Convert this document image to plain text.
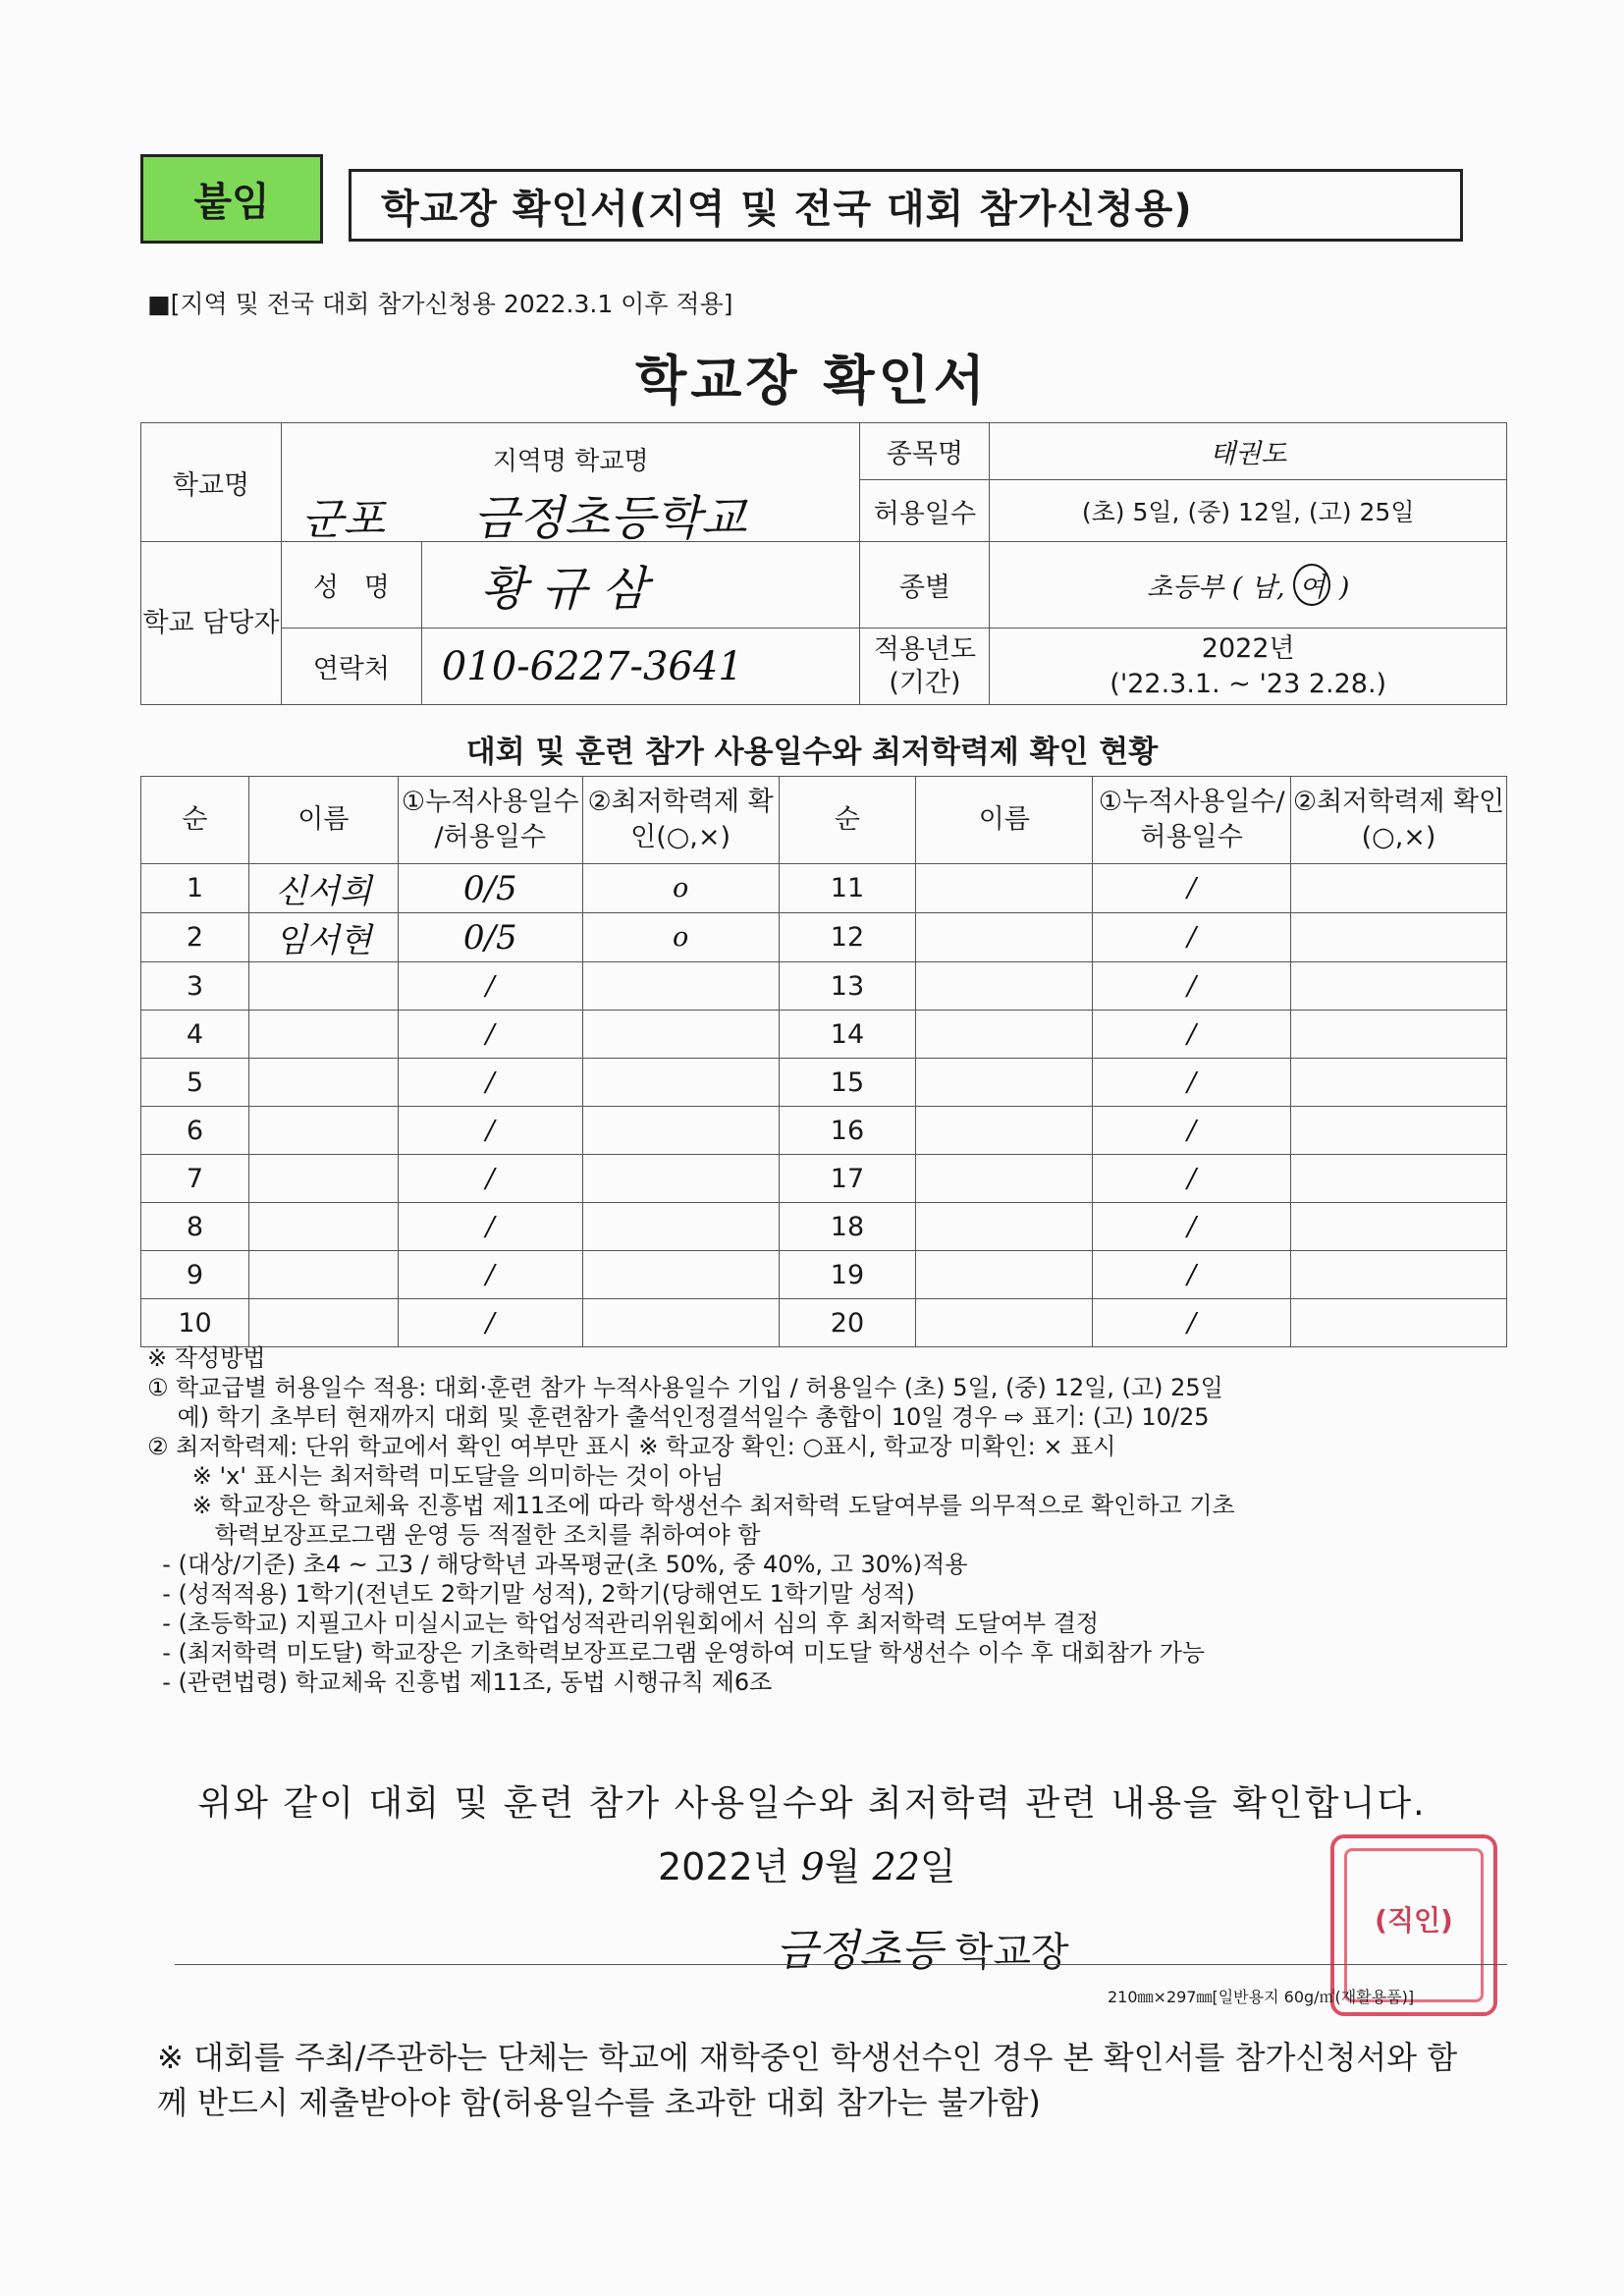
붙임	학교장 확인서(지역 및 전국 대회 참가신청용)
■[지역 및 전국 대회 참가신청용 2022.3.1 이후 적용]
학교장 확인서
학교명	지역명 학교명
군포 금정초등학교		종목명	태권도
			허용일수	(초) 5일, (중) 12일, (고) 25일
학교 담당자	성   명	황 규 삼	종별	초등부 ( 남, 여 )
	연락처	010-6227-3641	적용년도 (기간)	2022년
('22.3.1. ~ '23 2.28.)
대회 및 훈련 참가 사용일수와 최저학력제 확인 현황
순	이름	①누적사용일수 /허용일수	②최저학력제 확인(○,×)	순	이름	①누적사용일수/ 허용일수	②최저학력제 확인(○,×)
1	신서희	0/5	o	11		/	
2	임서현	0/5	o	12		/	
3		/		13		/	
4		/		14		/	
5		/		15		/	
6		/		16		/	
7		/		17		/	
8		/		18		/	
9		/		19		/	
10		/		20		/	
※ 작성방법
① 학교급별 허용일수 적용: 대회·훈련 참가 누적사용일수 기입 / 허용일수 (초) 5일, (중) 12일, (고) 25일
예) 학기 초부터 현재까지 대회 및 훈련참가 출석인정결석일수 총합이 10일 경우 ⇨ 표기: (고) 10/25
② 최저학력제: 단위 학교에서 확인 여부만 표시 ※ 학교장 확인: ○표시, 학교장 미확인: × 표시
※ 'x' 표시는 최저학력 미도달을 의미하는 것이 아님
※ 학교장은 학교체육 진흥법 제11조에 따라 학생선수 최저학력 도달여부를 의무적으로 확인하고 기초
학력보장프로그램 운영 등 적절한 조치를 취하여야 함
- (대상/기준) 초4 ~ 고3 / 해당학년 과목평균(초 50%, 중 40%, 고 30%)적용
- (성적적용) 1학기(전년도 2학기말 성적), 2학기(당해연도 1학기말 성적)
- (초등학교) 지필고사 미실시교는 학업성적관리위원회에서 심의 후 최저학력 도달여부 결정
- (최저학력 미도달) 학교장은 기초학력보장프로그램 운영하여 미도달 학생선수 이수 후 대회참가 가능
- (관련법령) 학교체육 진흥법 제11조, 동법 시행규칙 제6조
위와 같이 대회 및 훈련 참가 사용일수와 최저학력 관련 내용을 확인합니다.
2022년 9월 22일
금정초등 학교장
(직인)
210㎜×297㎜[일반용지 60g/㎡(재활용품)]
※ 대회를 주최/주관하는 단체는 학교에 재학중인 학생선수인 경우 본 확인서를 참가신청서와 함께 반드시 제출받아야 함(허용일수를 초과한 대회 참가는 불가함)
